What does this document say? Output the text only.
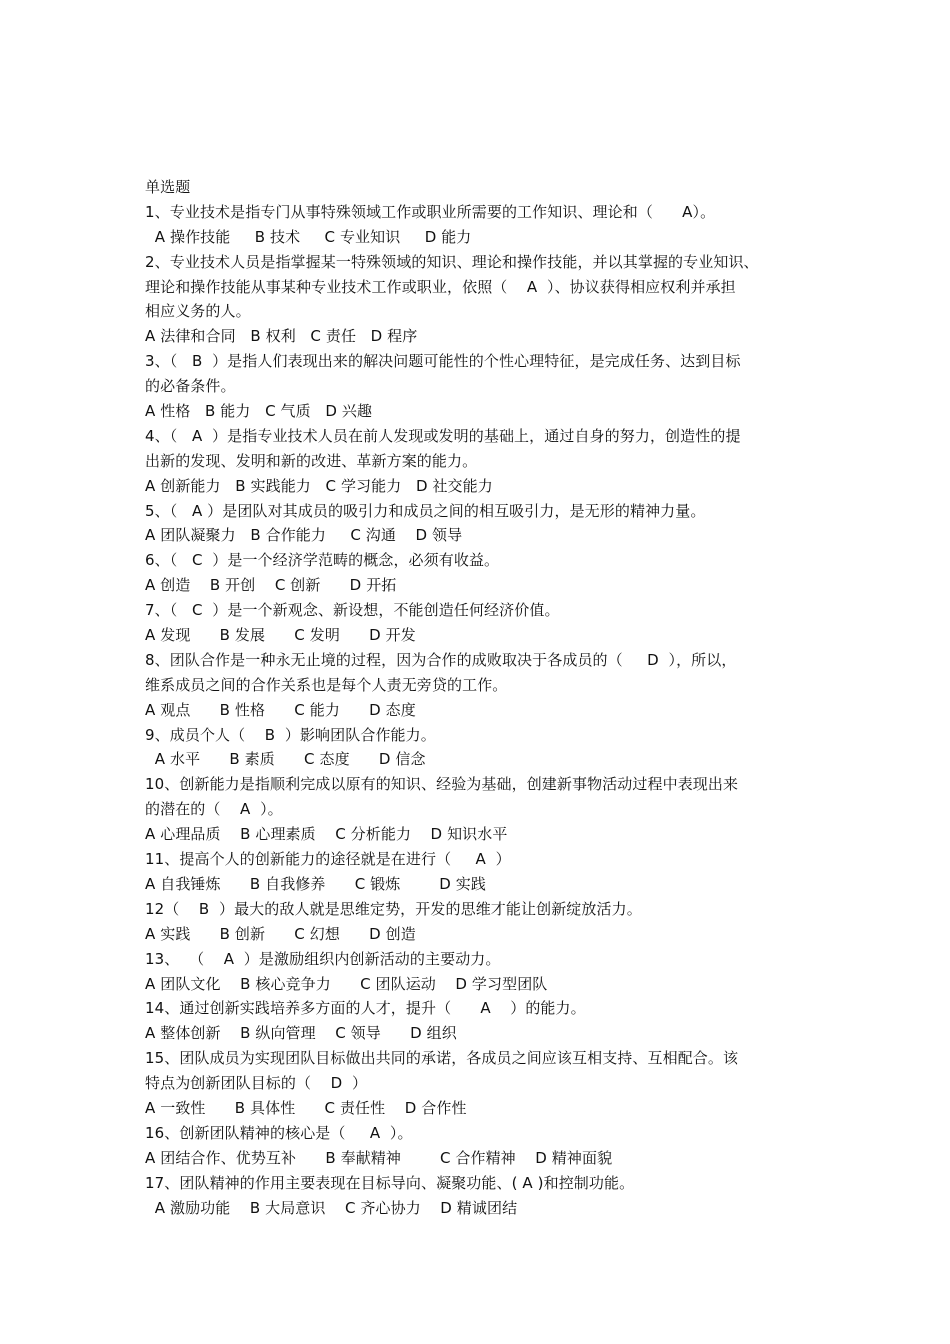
单选题
1、专业技术是指专门从事特殊领域工作或职业所需要的工作知识、理论和（      A）。
A 操作技能     B 技术     C 专业知识     D 能力
2、专业技术人员是指掌握某一特殊领域的知识、理论和操作技能，并以其掌握的专业知识、
理论和操作技能从事某种专业技术工作或职业，依照（    A  ）、协议获得相应权利并承担
相应义务的人。
A 法律和合同   B 权利   C 责任   D 程序
3、（   B  ）是指人们表现出来的解决问题可能性的个性心理特征，是完成任务、达到目标
的必备条件。
A 性格   B 能力   C 气质   D 兴趣
4、（   A  ）是指专业技术人员在前人发现或发明的基础上，通过自身的努力，创造性的提
出新的发现、发明和新的改进、革新方案的能力。
A 创新能力   B 实践能力   C 学习能力   D 社交能力
5、（   A ）是团队对其成员的吸引力和成员之间的相互吸引力，是无形的精神力量。
A 团队凝聚力   B 合作能力     C 沟通    D 领导
6、（   C  ）是一个经济学范畴的概念，必须有收益。
A 创造    B 开创    C 创新      D 开拓
7、（   C  ）是一个新观念、新设想，不能创造任何经济价值。
A 发现      B 发展      C 发明      D 开发
8、团队合作是一种永无止境的过程，因为合作的成败取决于各成员的（     D  ），所以，
维系成员之间的合作关系也是每个人责无旁贷的工作。
A 观点      B 性格      C 能力      D 态度
9、成员个人（    B  ）影响团队合作能力。
A 水平      B 素质      C 态度      D 信念
10、创新能力是指顺利完成以原有的知识、经验为基础，创建新事物活动过程中表现出来
的潜在的（    A  ）。
A 心理品质    B 心理素质    C 分析能力    D 知识水平
11、提高个人的创新能力的途径就是在进行（     A  ）
A 自我锤炼      B 自我修养      C 锻炼        D 实践
12（    B  ）最大的敌人就是思维定势，开发的思维才能让创新绽放活力。
A 实践      B 创新      C 幻想      D 创造
13、  （    A  ）是激励组织内创新活动的主要动力。
A 团队文化    B 核心竞争力      C 团队运动    D 学习型团队
14、通过创新实践培养多方面的人才，提升（      A    ）的能力。
A 整体创新    B 纵向管理    C 领导      D 组织
15、团队成员为实现团队目标做出共同的承诺，各成员之间应该互相支持、互相配合。该
特点为创新团队目标的（    D  ）
A 一致性      B 具体性      C 责任性    D 合作性
16、创新团队精神的核心是（     A  ）。
A 团结合作、优势互补      B 奉献精神        C 合作精神    D 精神面貌
17、团队精神的作用主要表现在目标导向、凝聚功能、( A )和控制功能。
A 激励功能    B 大局意识    C 齐心协力    D 精诚团结
